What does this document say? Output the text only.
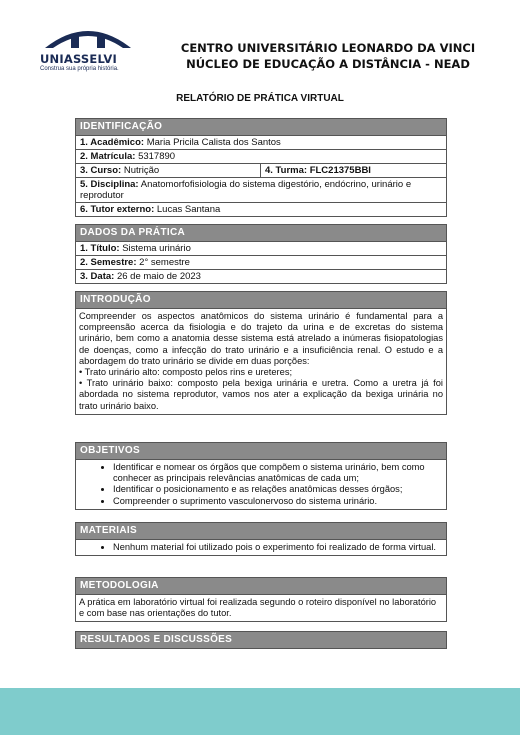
UNIASSELVI
Construa sua própria história.
CENTRO UNIVERSITÁRIO LEONARDO DA VINCI
NÚCLEO DE EDUCAÇÃO A DISTÂNCIA - NEAD
RELATÓRIO DE PRÁTICA VIRTUAL
IDENTIFICAÇÃO
1. Acadêmico: Maria Pricila Calista dos Santos
2. Matrícula: 5317890
3. Curso: Nutrição	4. Turma: FLC21375BBI
5. Disciplina: Anatomorfofisiologia do sistema digestório, endócrino, urinário e reprodutor
6. Tutor externo: Lucas Santana
DADOS DA PRÁTICA
1. Título: Sistema urinário
2. Semestre: 2° semestre
3. Data: 26 de maio de 2023
INTRODUÇÃO

Compreender os aspectos anatômicos do sistema urinário é fundamental para a compreensão acerca da fisiologia e do trajeto da urina e de excretas do sistema urinário, bem como a anatomia desse sistema está atrelado a inúmeras fisiopatologias de doenças, como a infecção do trato urinário e a insuficiência renal. O estudo e a abordagem do trato urinário se divide em duas porções:

• Trato urinário alto: composto pelos rins e ureteres;

• Trato urinário baixo: composto pela bexiga urinária e uretra. Como a uretra já foi abordada no sistema reprodutor, vamos nos ater a explicação da bexiga urinária no trato urinário baixo.

OBJETIVOS
• Identificar e nomear os órgãos que compõem o sistema urinário, bem como conhecer as principais relevâncias anatômicas de cada um;
• Identificar o posicionamento e as relações anatômicas desses órgãos;
• Compreender o suprimento vasculonervoso do sistema urinário.
MATERIAIS
• Nenhum material foi utilizado pois o experimento foi realizado de forma virtual.
METODOLOGIA
A prática em laboratório virtual foi realizada segundo o roteiro disponível no laboratório e com base nas orientações do tutor.
RESULTADOS E DISCUSSÕES
